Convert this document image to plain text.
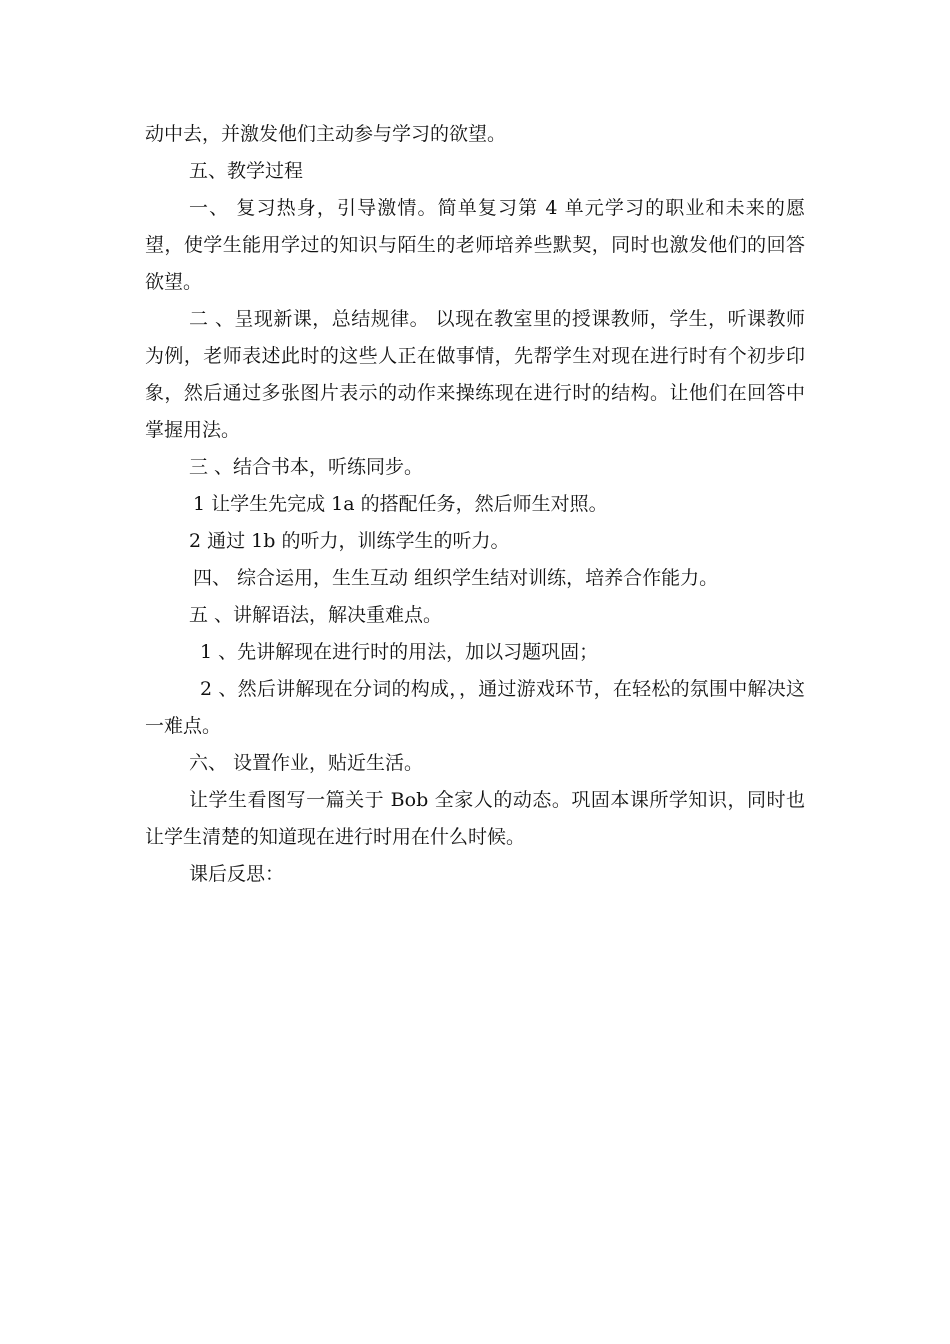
动中去，并激发他们主动参与学习的欲望。

五、教学过程

一、 复习热身，引导激情。简单复习第 4 单元学习的职业和未来的愿望，使学生能用学过的知识与陌生的老师培养些默契，同时也激发他们的回答欲望。

二 、呈现新课，总结规律。 以现在教室里的授课教师，学生，听课教师为例，老师表述此时的这些人正在做事情，先帮学生对现在进行时有个初步印象，然后通过多张图片表示的动作来操练现在进行时的结构。让他们在回答中掌握用法。

三 、结合书本，听练同步。

1 让学生先完成 1a 的搭配任务，然后师生对照。

2 通过 1b 的听力，训练学生的听力。

四、 综合运用，生生互动 组织学生结对训练，培养合作能力。

五 、讲解语法，解决重难点。

1 、先讲解现在进行时的用法，加以习题巩固；

2 、然后讲解现在分词的构成，，通过游戏环节，在轻松的氛围中解决这一难点。

六、 设置作业，贴近生活。

让学生看图写一篇关于 Bob 全家人的动态。巩固本课所学知识，同时也让学生清楚的知道现在进行时用在什么时候。

课后反思：
